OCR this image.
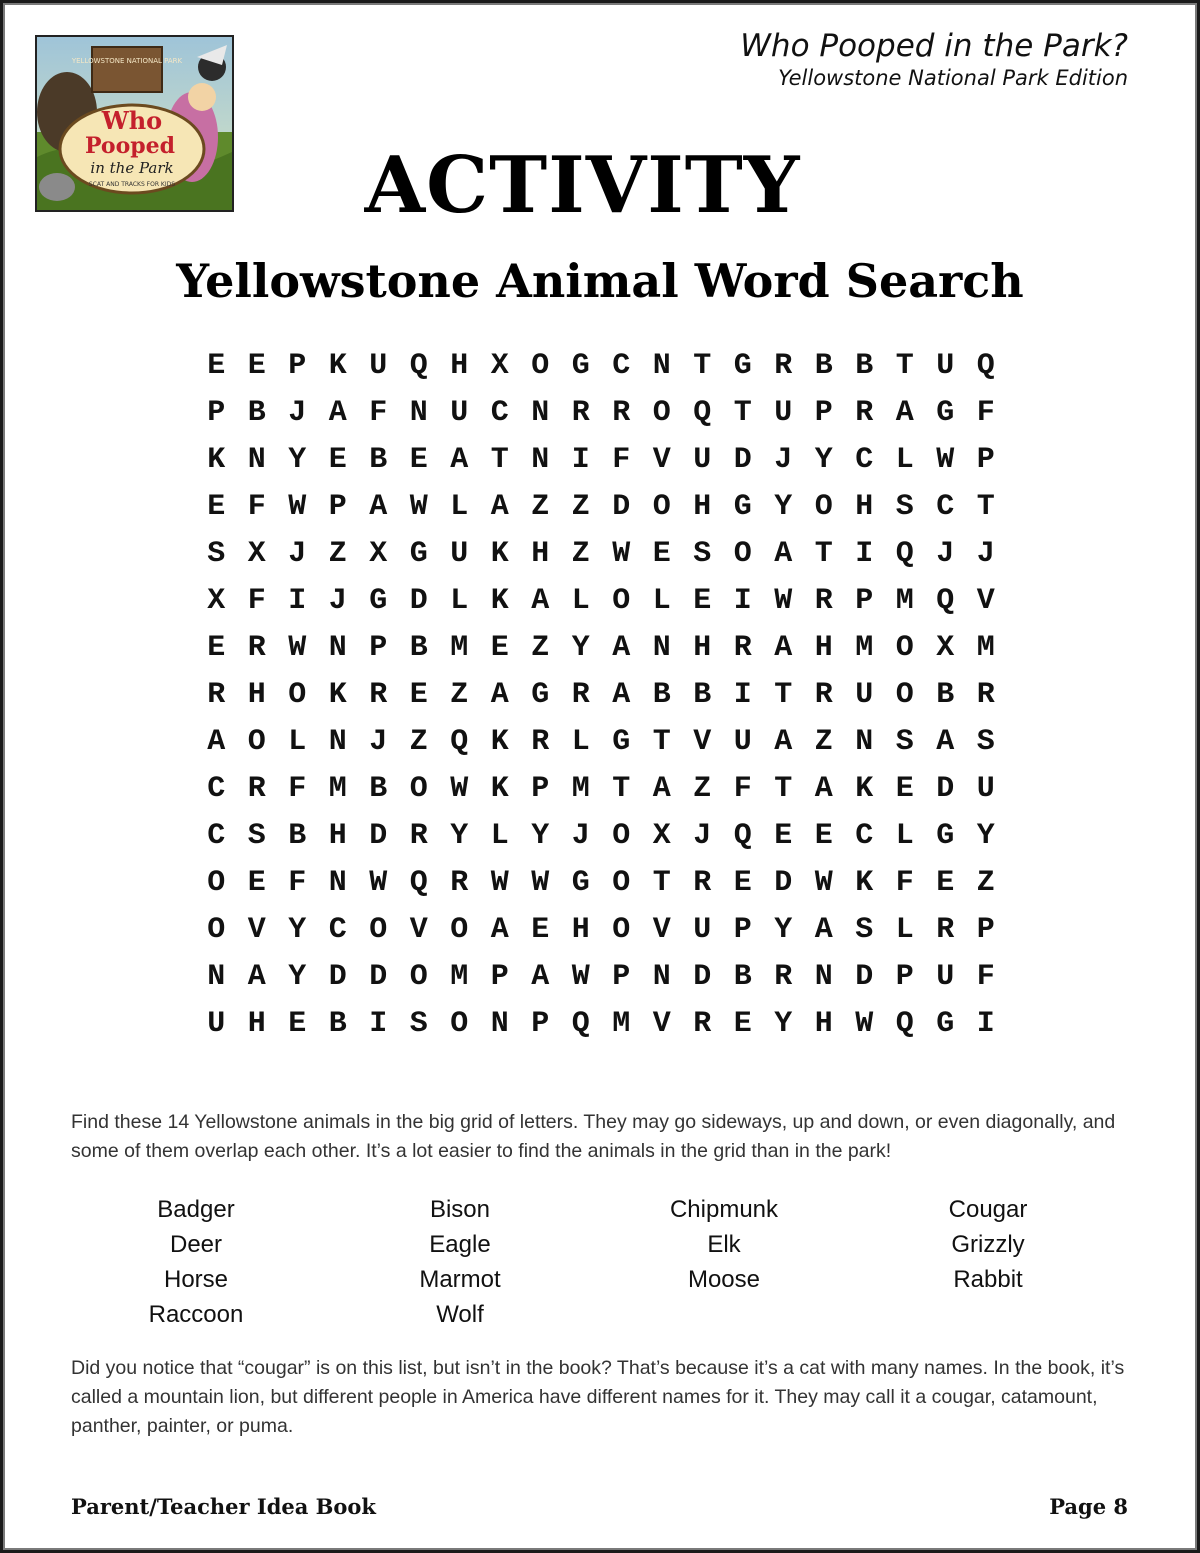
YELLOWSTONE NATIONAL PARK
Who
Pooped
in the Park
SCAT AND TRACKS FOR KIDS
Who Pooped in the Park?
Yellowstone National Park Edition
ACTIVITY
Yellowstone Animal Word Search
E E P K U Q H X O G C N T G R B B T U Q
P B J A F N U C N R R O Q T U P R A G F
K N Y E B E A T N I F V U D J Y C L W P
E F W P A W L A Z Z D O H G Y O H S C T
S X J Z X G U K H Z W E S O A T I Q J J
X F I J G D L K A L O L E I W R P M Q V
E R W N P B M E Z Y A N H R A H M O X M
R H O K R E Z A G R A B B I T R U O B R
A O L N J Z Q K R L G T V U A Z N S A S
C R F M B O W K P M T A Z F T A K E D U
C S B H D R Y L Y J O X J Q E E C L G Y
O E F N W Q R W W G O T R E D W K F E Z
O V Y C O V O A E H O V U P Y A S L R P
N A Y D D O M P A W P N D B R N D P U F
U H E B I S O N P Q M V R E Y H W Q G I
Find these 14 Yellowstone animals in the big grid of letters. They may go sideways, up and down, or even diagonally, and some of them overlap each other. It’s a lot easier to find the animals in the grid than in the park!
Badger	Bison	Chipmunk	Cougar
Deer	Eagle	Elk	Grizzly
Horse	Marmot	Moose	Rabbit
Raccoon	Wolf
Did you notice that “cougar” is on this list, but isn’t in the book? That’s because it’s a cat with many names. In the book, it’s called a mountain lion, but different people in America have different names for it. They may call it a cougar, catamount, panther, painter, or puma.
Parent/Teacher Idea Book	Page 8
